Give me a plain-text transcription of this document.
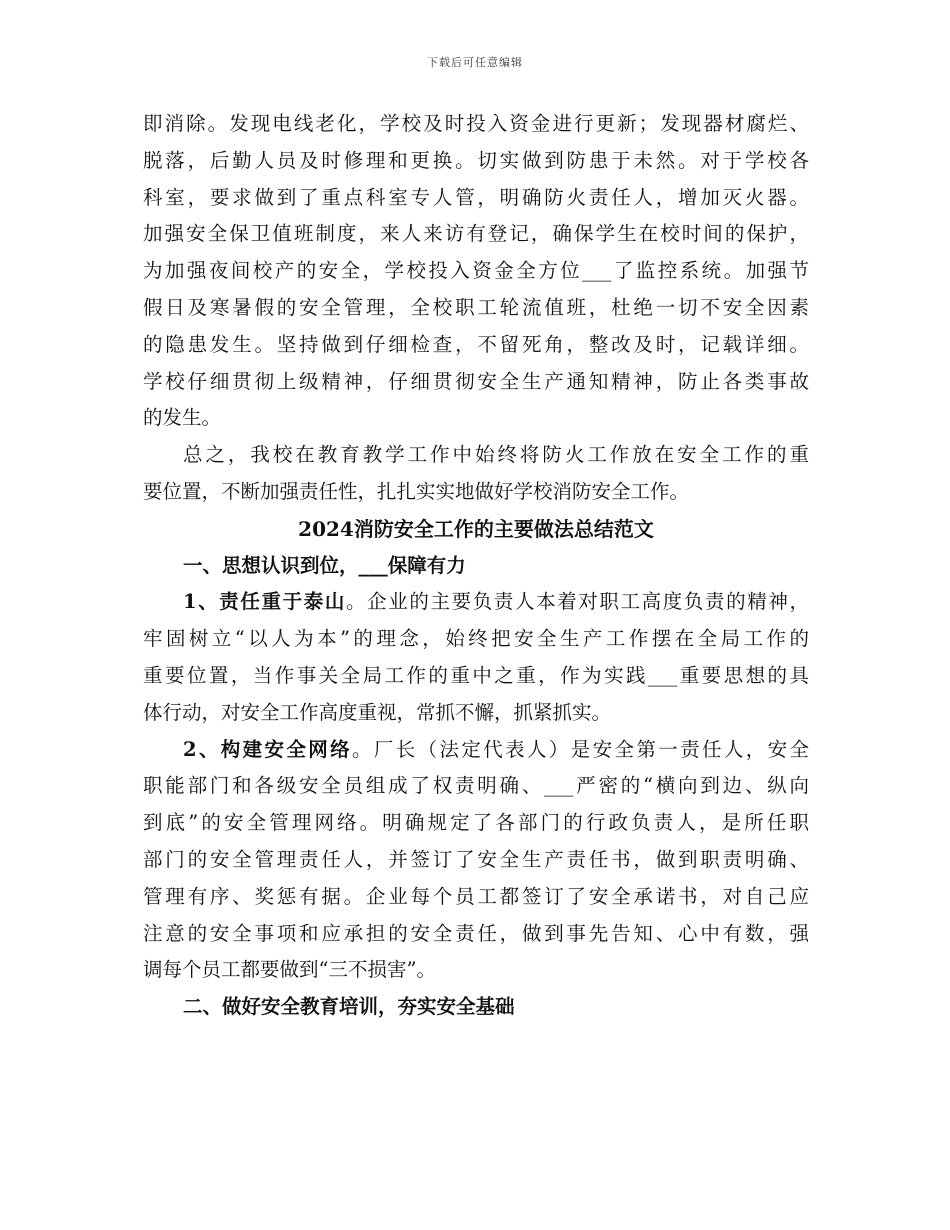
下载后可任意编辑
即消除。发现电线老化，学校及时投入资金进行更新；发现器材腐烂、
脱落，后勤人员及时修理和更换。切实做到防患于未然。对于学校各
科室，要求做到了重点科室专人管，明确防火责任人，增加灭火器。
加强安全保卫值班制度，来人来访有登记，确保学生在校时间的保护，
为加强夜间校产的安全，学校投入资金全方位___了监控系统。加强节
假日及寒暑假的安全管理，全校职工轮流值班，杜绝一切不安全因素
的隐患发生。坚持做到仔细检查，不留死角，整改及时，记载详细。
学校仔细贯彻上级精神，仔细贯彻安全生产通知精神，防止各类事故
的发生。
总之，我校在教育教学工作中始终将防火工作放在安全工作的重
要位置，不断加强责任性，扎扎实实地做好学校消防安全工作。
2024消防安全工作的主要做法总结范文
一、思想认识到位，___保障有力
1、责任重于泰山。企业的主要负责人本着对职工高度负责的精神，
牢固树立“以人为本”的理念，始终把安全生产工作摆在全局工作的
重要位置，当作事关全局工作的重中之重，作为实践___重要思想的具
体行动，对安全工作高度重视，常抓不懈，抓紧抓实。
2、构建安全网络。厂长（法定代表人）是安全第一责任人，安全
职能部门和各级安全员组成了权责明确、___严密的“横向到边、纵向
到底”的安全管理网络。明确规定了各部门的行政负责人，是所任职
部门的安全管理责任人，并签订了安全生产责任书，做到职责明确、
管理有序、奖惩有据。企业每个员工都签订了安全承诺书，对自己应
注意的安全事项和应承担的安全责任，做到事先告知、心中有数，强
调每个员工都要做到“三不损害”。
二、做好安全教育培训，夯实安全基础
